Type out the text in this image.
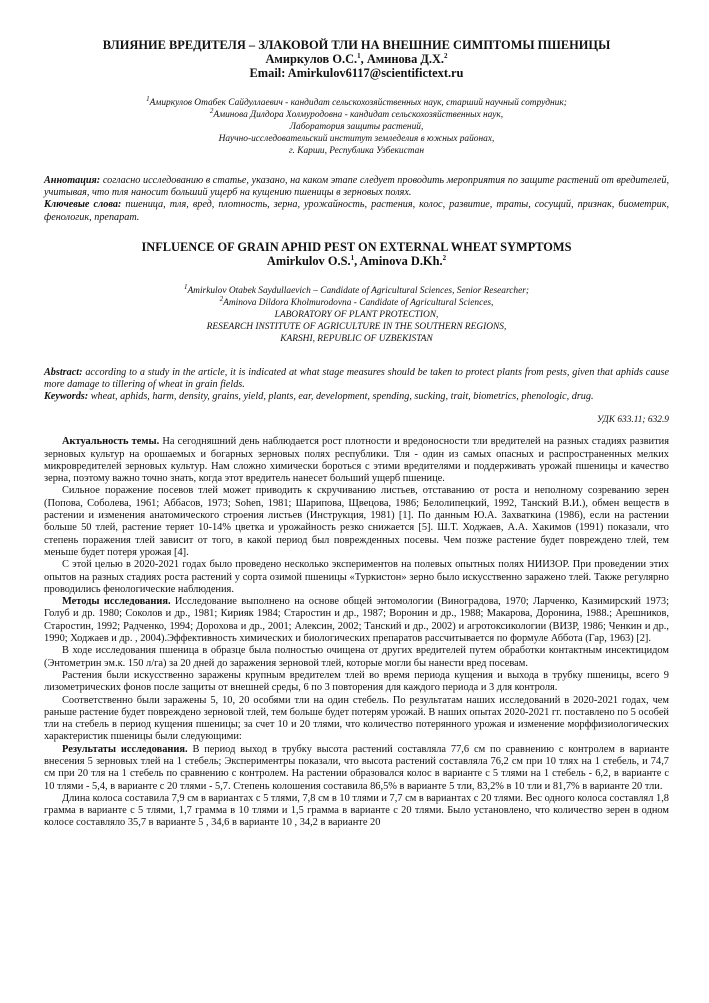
ВЛИЯНИЕ ВРЕДИТЕЛЯ – ЗЛАКОВОЙ ТЛИ НА ВНЕШНИЕ СИМПТОМЫ ПШЕНИЦЫ
Амиркулов О.С.$^1$, Аминова Д.Х.$^2$
Email: Amirkulov6117@scientifictext.ru
$^1$Амиркулов Отабек Сайдуллаевич - кандидат сельскохозяйственных наук, старший научный сотрудник;
$^2$Аминова Дилдора Холмуродовна - кандидат сельскохозяйственных наук,
Лаборатория защиты растений,
Научно-исследовательский институт земледелия в южных районах,
г. Карши, Республика Узбекистан
Аннотация: согласно исследованию в статье, указано, на каком этапе следует проводить мероприятия по защите растений от вредителей, учитывая, что тля наносит больший ущерб на кущению пшеницы в зерновых полях.
Ключевые слова: пшеница, тля, вред, плотность, зерна, урожайность, растения, колос, развитие, траты, сосущий, признак, биометрик, фенологик, препарат.
INFLUENCE OF GRAIN APHID PEST ON EXTERNAL WHEAT SYMPTOMS
Amirkulov O.S.$^1$, Aminova D.Kh.$^2$
$^1$Amirkulov Otabek Saydullaevich – Candidate of Agricultural Sciences, Senior Researcher;
$^2$Aminova Dildora Kholmurodovna - Candidate of Agricultural Sciences,
LABORATORY OF PLANT PROTECTION,
RESEARCH INSTITUTE OF AGRICULTURE IN THE SOUTHERN REGIONS,
KARSHI, REPUBLIC OF UZBEKISTAN
Abstract: according to a study in the article, it is indicated at what stage measures should be taken to protect plants from pests, given that aphids cause more damage to tillering of wheat in grain fields.
Keywords: wheat, aphids, harm, density, grains, yield, plants, ear, development, spending, sucking, trait, biometrics, phenologic, drug.
УДК 633.11; 632.9

Актуальность темы. На сегодняшний день наблюдается рост плотности и вредоносности тли вредителей на разных стадиях развития зерновых культур на орошаемых и богарных зерновых полях республики. Тля - один из самых опасных и распространенных мелких микровредителей зерновых культур. Нам сложно химически бороться с этими вредителями и поддерживать урожай пшеницы и качество зерна, поэтому важно точно знать, когда этот вредитель нанесет больший ущерб пшенице.

Сильное поражение посевов тлей может приводить к скручиванию листьев, отставанию от роста и неполному созреванию зерен (Попова, Соболева, 1961; Аббасов, 1973; Sohen, 1981; Шарипова, Щвецова, 1986; Белолипецкий, 1992, Танский В.И.), обмен веществ в растении и изменения анатомического строения листьев (Инструкция, 1981) [1]. По данным Ю.А. Захваткина (1986), если на растении больше 50 тлей, растение теряет 10-14% цветка и урожайность резко снижается [5]. Ш.Т. Ходжаев, А.А. Хакимов (1991) показали, что степень поражения тлей зависит от того, в какой период был поврежденных посевы. Чем позже растение будет повреждено тлей, тем меньше будет потеря урожая [4].

С этой целью в 2020-2021 годах было проведено несколько экспериментов на полевых опытных полях НИИЗОР. При проведении этих опытов на разных стадиях роста растений у сорта озимой пшеницы «Туркистон» зерно было искусственно заражено тлей. Также регулярно проводились фенологические наблюдения.

Методы исследования. Исследование выполнено на основе общей энтомологии (Виноградова, 1970; Ларченко, Казимирский 1973; Голуб и др. 1980; Соколов и др., 1981; Кирияк 1984; Старостин и др., 1987; Воронин и др., 1988; Макарова, Доронина, 1988.; Арешников, Старостин, 1992; Радченко, 1994; Дорохова и др., 2001; Алексин, 2002; Танский и др., 2002) и агротоксикологии (ВИЗР, 1986; Ченкин и др., 1990; Ходжаев и др. , 2004).Эффективность химических и биологических препаратов рассчитывается по формуле Аббота (Гар, 1963) [2].

В ходе исследования пшеница в образце была полностью очищена от других вредителей путем обработки контактным инсектицидом (Энтометрин эм.к. 150 л/га) за 20 дней до заражения зерновой тлей, которые могли бы нанести вред посевам.

Растения были искусственно заражены крупным вредителем тлей во время периода кущения и выхода в трубку пшеницы, всего 9 лизометрических фонов после защиты от внешней среды, 6 по 3 повторения для каждого периода и 3 для контроля.

Соответственно были заражены 5, 10, 20 особями тли на один стебель. По результатам наших исследований в 2020-2021 годах, чем раньше растение будет повреждено зерновой тлей, тем больше будет потерям урожай. В наших опытах 2020-2021 гг. поставлено по 5 особей тли на стебель в период кущения пшеницы; за счет 10 и 20 тлями, что количество потерянного урожая и изменение морффизиологических характеристик пшеницы были следующими:

Результаты исследования. В период выход в трубку высота растений составляла 77,6 см по сравнению с контролем в варианте внесения 5 зерновых тлей на 1 стебель; Экспериментры показали, что высота растений составляла 76,2 см при 10 тлях на 1 стебель, и 74,7 см при 20 тля на 1 стебель по сравнению с контролем. На растении образовался колос в варианте с 5 тлями на 1 стебель - 6,2, в варианте с 10 тлями - 5,4, в варианте с 20 тлями - 5,7. Степень колошения составила 86,5% в варианте 5 тли, 83,2% в 10 тли и 81,7% в варианте 20 тли.

Длина колоса составила 7,9 см в вариантах с 5 тлями, 7,8 см в 10 тлями и 7,7 см в вариантах с 20 тлями. Вес одного колоса составлял 1,8 грамма в варианте с 5 тлями, 1,7 грамма в 10 тлями и 1,5 грамма в варианте с 20 тлями. Было установлено, что количество зерен в одном колосе составляло 35,7 в варианте 5 , 34,6 в варианте 10 , 34,2 в варианте 20
